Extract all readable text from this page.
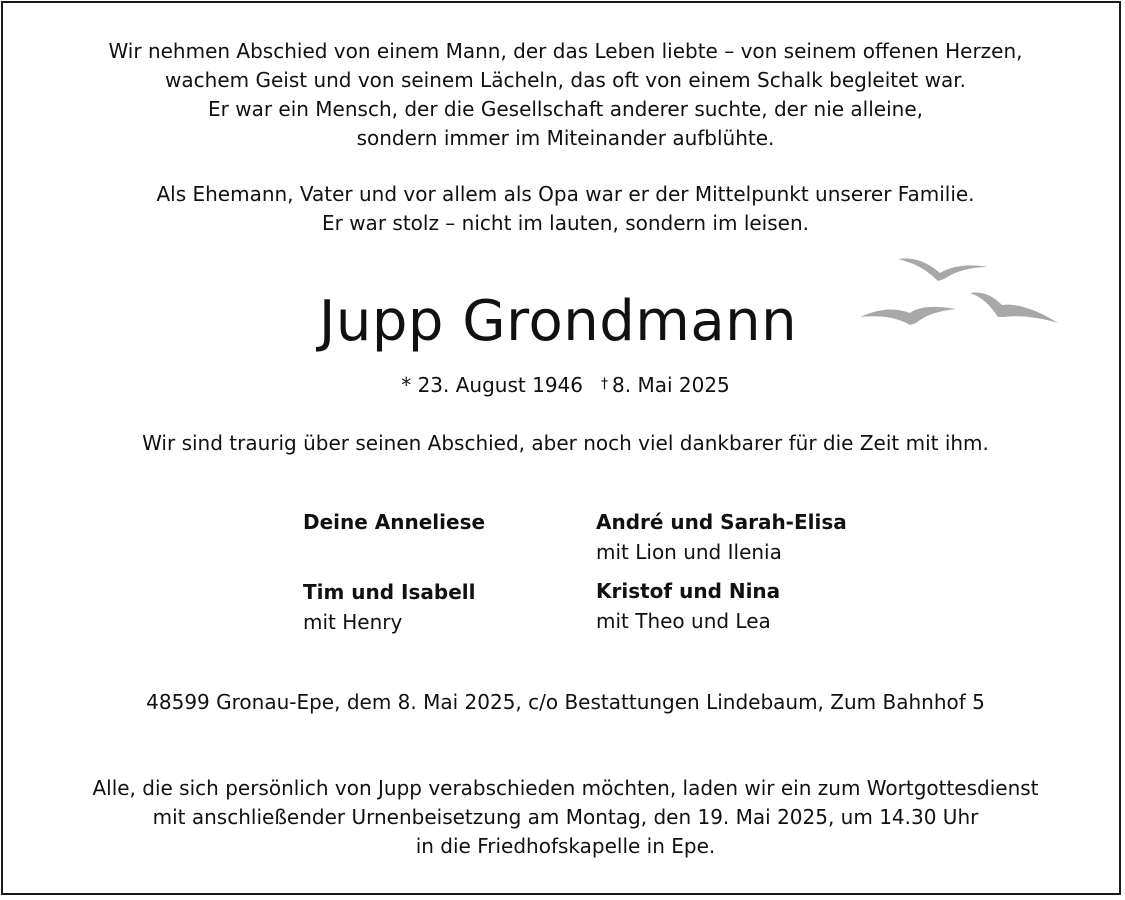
Wir nehmen Abschied von einem Mann, der das Leben liebte – von seinem offenen Herzen,
wachem Geist und von seinem Lächeln, das oft von einem Schalk begleitet war.
Er war ein Mensch, der die Gesellschaft anderer suchte, der nie alleine,
sondern immer im Miteinander aufblühte.
Als Ehemann, Vater und vor allem als Opa war er der Mittelpunkt unserer Familie.
Er war stolz – nicht im lauten, sondern im leisen.
Jupp Grondmann
* 23. August 1946 † 8. Mai 2025
Wir sind traurig über seinen Abschied, aber noch viel dankbarer für die Zeit mit ihm.
Deine Anneliese	André und Sarah-Elisa
mit Lion und Ilenia
Tim und Isabell
mit Henry
Kristof und Nina
mit Theo und Lea
48599 Gronau-Epe, dem 8. Mai 2025, c/o Bestattungen Lindebaum, Zum Bahnhof 5
Alle, die sich persönlich von Jupp verabschieden möchten, laden wir ein zum Wortgottesdienst
mit anschließender Urnenbeisetzung am Montag, den 19. Mai 2025, um 14.30 Uhr
in die Friedhofskapelle in Epe.
